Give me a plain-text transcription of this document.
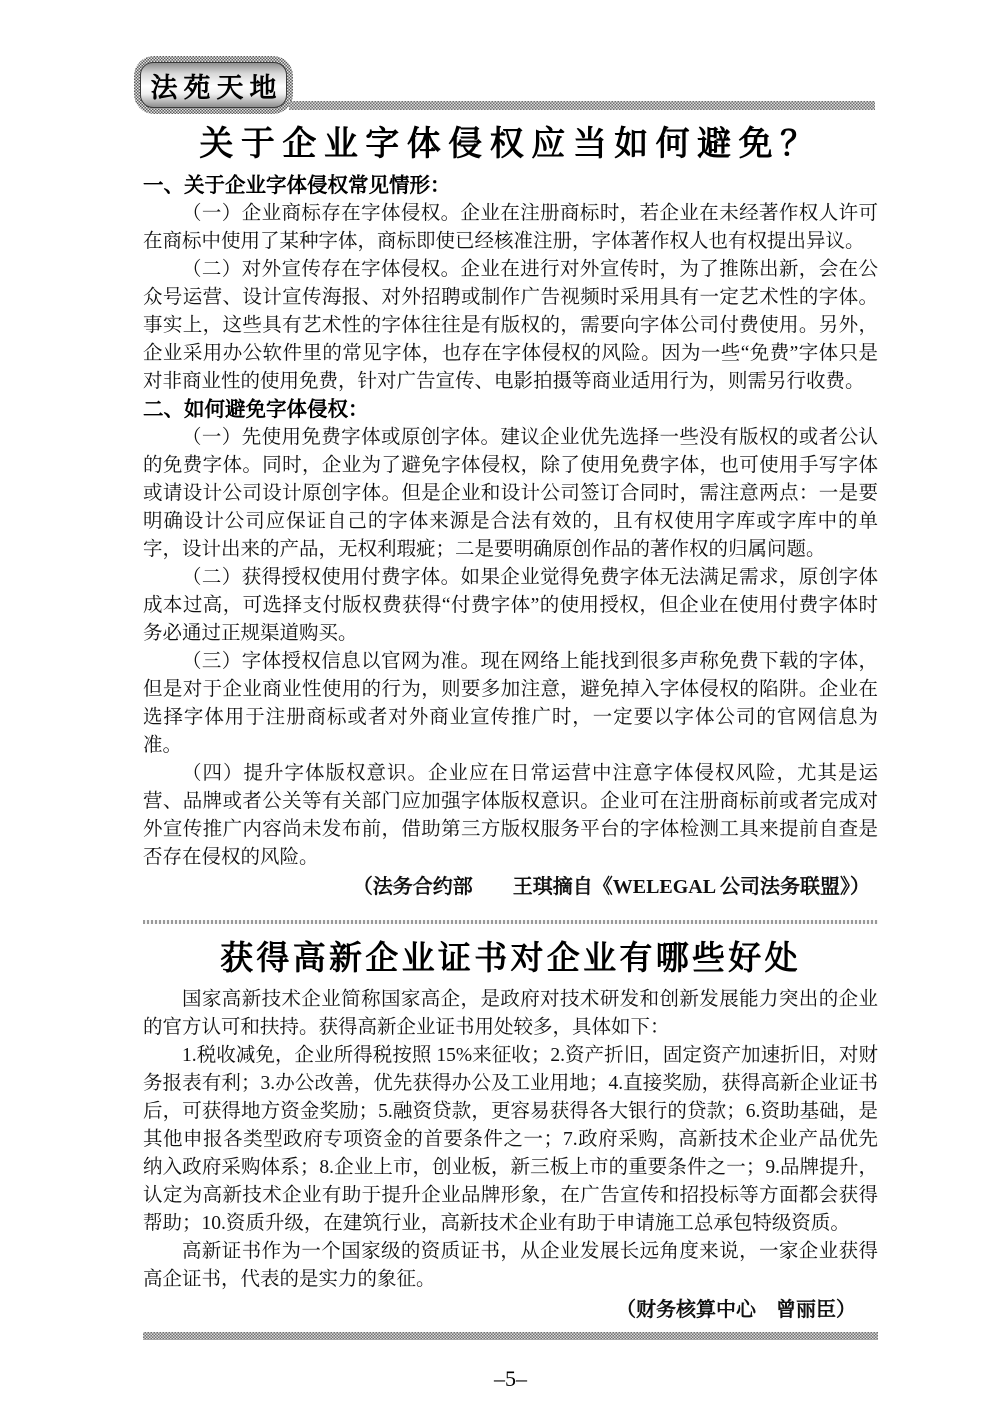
法苑天地
关于企业字体侵权应当如何避免？
一、关于企业字体侵权常见情形：

（一）企业商标存在字体侵权。企业在注册商标时，若企业在未经著作权人许可在商标中使用了某种字体，商标即使已经核准注册，字体著作权人也有权提出异议。

（二）对外宣传存在字体侵权。企业在进行对外宣传时，为了推陈出新，会在公众号运营、设计宣传海报、对外招聘或制作广告视频时采用具有一定艺术性的字体。事实上，这些具有艺术性的字体往往是有版权的，需要向字体公司付费使用。另外，企业采用办公软件里的常见字体，也存在字体侵权的风险。因为一些“免费”字体只是对非商业性的使用免费，针对广告宣传、电影拍摄等商业适用行为，则需另行收费。

二、如何避免字体侵权：

（一）先使用免费字体或原创字体。建议企业优先选择一些没有版权的或者公认的免费字体。同时，企业为了避免字体侵权，除了使用免费字体，也可使用手写字体或请设计公司设计原创字体。但是企业和设计公司签订合同时，需注意两点：一是要明确设计公司应保证自己的字体来源是合法有效的，且有权使用字库或字库中的单字，设计出来的产品，无权利瑕疵；二是要明确原创作品的著作权的归属问题。

（二）获得授权使用付费字体。如果企业觉得免费字体无法满足需求，原创字体成本过高，可选择支付版权费获得“付费字体”的使用授权，但企业在使用付费字体时务必通过正规渠道购买。

（三）字体授权信息以官网为准。现在网络上能找到很多声称免费下载的字体，但是对于企业商业性使用的行为，则要多加注意，避免掉入字体侵权的陷阱。企业在选择字体用于注册商标或者对外商业宣传推广时，一定要以字体公司的官网信息为准。

（四）提升字体版权意识。企业应在日常运营中注意字体侵权风险，尤其是运营、品牌或者公关等有关部门应加强字体版权意识。企业可在注册商标前或者完成对外宣传推广内容尚未发布前，借助第三方版权服务平台的字体检测工具来提前自查是否存在侵权的风险。

（法务合约部　　王琪摘自《WELEGAL 公司法务联盟》）
获得高新企业证书对企业有哪些好处

国家高新技术企业简称国家高企，是政府对技术研发和创新发展能力突出的企业的官方认可和扶持。获得高新企业证书用处较多，具体如下：

1.税收减免，企业所得税按照 15%来征收；2.资产折旧，固定资产加速折旧，对财务报表有利；3.办公改善，优先获得办公及工业用地；4.直接奖励，获得高新企业证书后，可获得地方资金奖励；5.融资贷款，更容易获得各大银行的贷款；6.资助基础，是其他申报各类型政府专项资金的首要条件之一；7.政府采购，高新技术企业产品优先纳入政府采购体系；8.企业上市，创业板，新三板上市的重要条件之一；9.品牌提升，认定为高新技术企业有助于提升企业品牌形象，在广告宣传和招投标等方面都会获得帮助；10.资质升级，在建筑行业，高新技术企业有助于申请施工总承包特级资质。

高新证书作为一个国家级的资质证书，从企业发展长远角度来说，一家企业获得高企证书，代表的是实力的象征。

（财务核算中心　曾丽臣）
–5–
